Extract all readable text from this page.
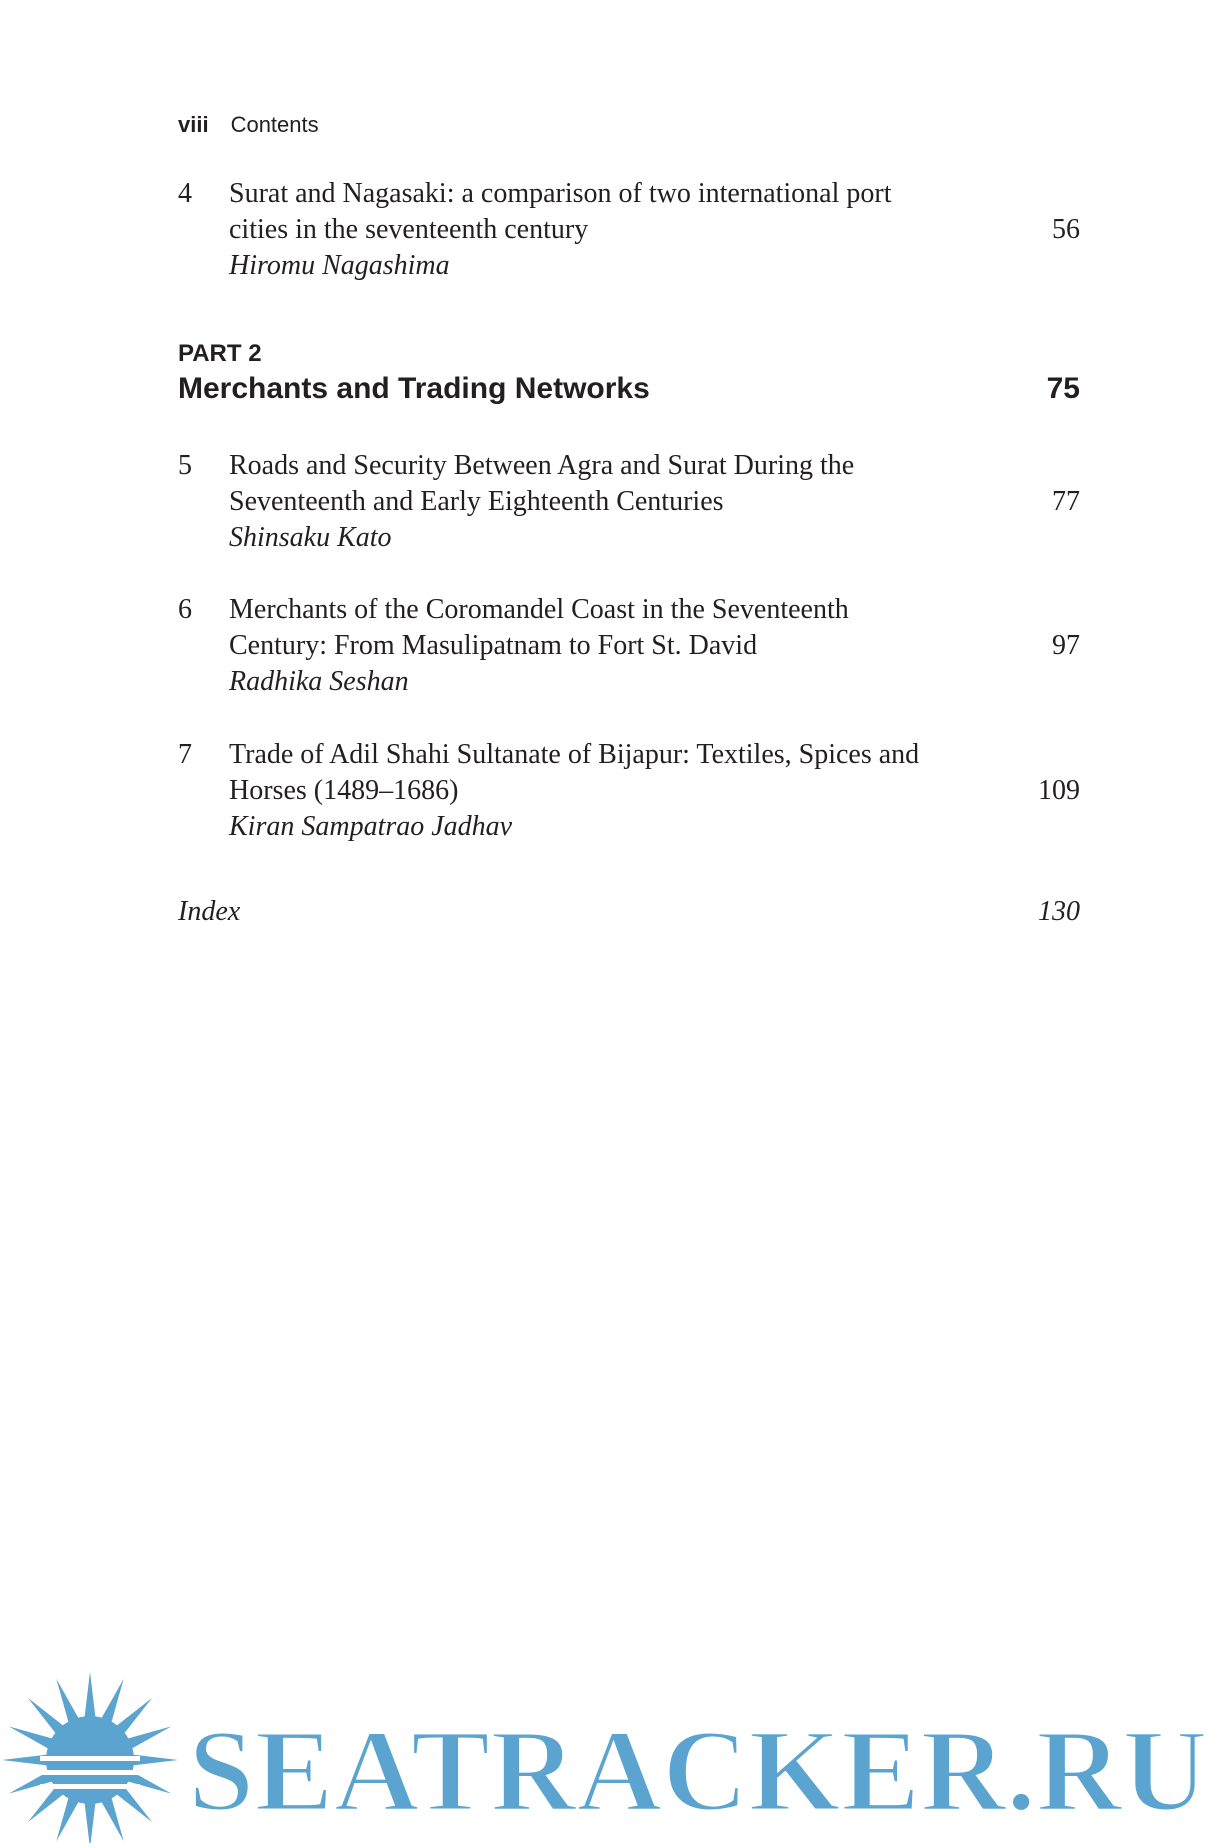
viii Contents
4 Surat and Nagasaki: a comparison of two international port cities in the seventeenth century
Hiromu Nagashima
56
PART 2
Merchants and Trading Networks	75
5 Roads and Security Between Agra and Surat During the Seventeenth and Early Eighteenth Centuries
Shinsaku Kato
77
6 Merchants of the Coromandel Coast in the Seventeenth Century: From Masulipatnam to Fort St. David
Radhika Seshan
97
7 Trade of Adil Shahi Sultanate of Bijapur: Textiles, Spices and Horses (1489–1686)
Kiran Sampatrao Jadhav
109
Index	130
SEATRACKER.RU
